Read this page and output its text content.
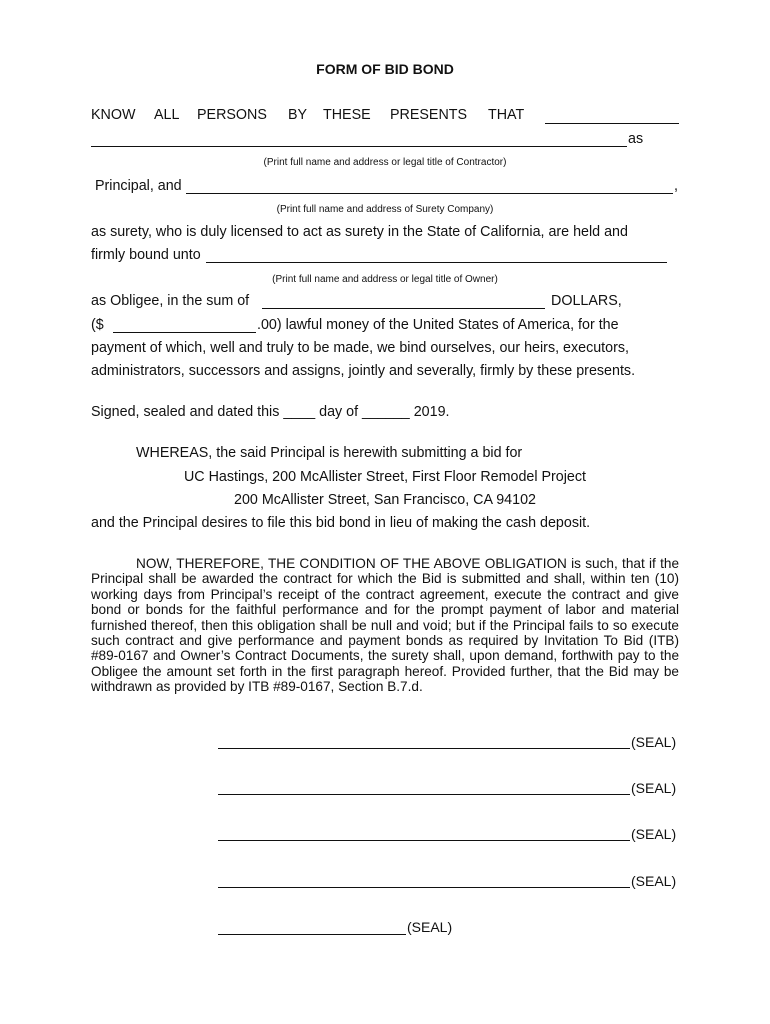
FORM OF BID BOND
KNOW ALL PERSONS BY THESE PRESENTS THAT
as
(Print full name and address or legal title of Contractor)
Principal, and	,
(Print full name and address of Surety Company)
as surety, who is duly licensed to act as surety in the State of California, are held and
firmly bound unto
(Print full name and address or legal title of Owner)
as Obligee, in the sum of	DOLLARS,
($	.00) lawful money of the United States of America, for the
payment of which, well and truly to be made, we bind ourselves, our heirs, executors,
administrators, successors and assigns, jointly and severally, firmly by these presents.
Signed, sealed and dated this ____ day of ______ 2019.
WHEREAS, the said Principal is herewith submitting a bid for
UC Hastings, 200 McAllister Street, First Floor Remodel Project
200 McAllister Street, San Francisco, CA 94102
and the Principal desires to file this bid bond in lieu of making the cash deposit.
NOW, THEREFORE, THE CONDITION OF THE ABOVE OBLIGATION is such, that if the Principal shall be awarded the contract for which the Bid is submitted and shall, within ten (10) working days from Principal’s receipt of the contract agreement, execute the contract and give bond or bonds for the faithful performance and for the prompt payment of labor and material furnished thereof, then this obligation shall be null and void; but if the Principal fails to so execute such contract and give performance and payment bonds as required by Invitation To Bid (ITB) #89-0167 and Owner’s Contract Documents, the surety shall, upon demand, forthwith pay to the Obligee the amount set forth in the first paragraph hereof. Provided further, that the Bid may be withdrawn as provided by ITB #89-0167, Section B.7.d.
(SEAL)
(SEAL)
(SEAL)
(SEAL)
(SEAL)
